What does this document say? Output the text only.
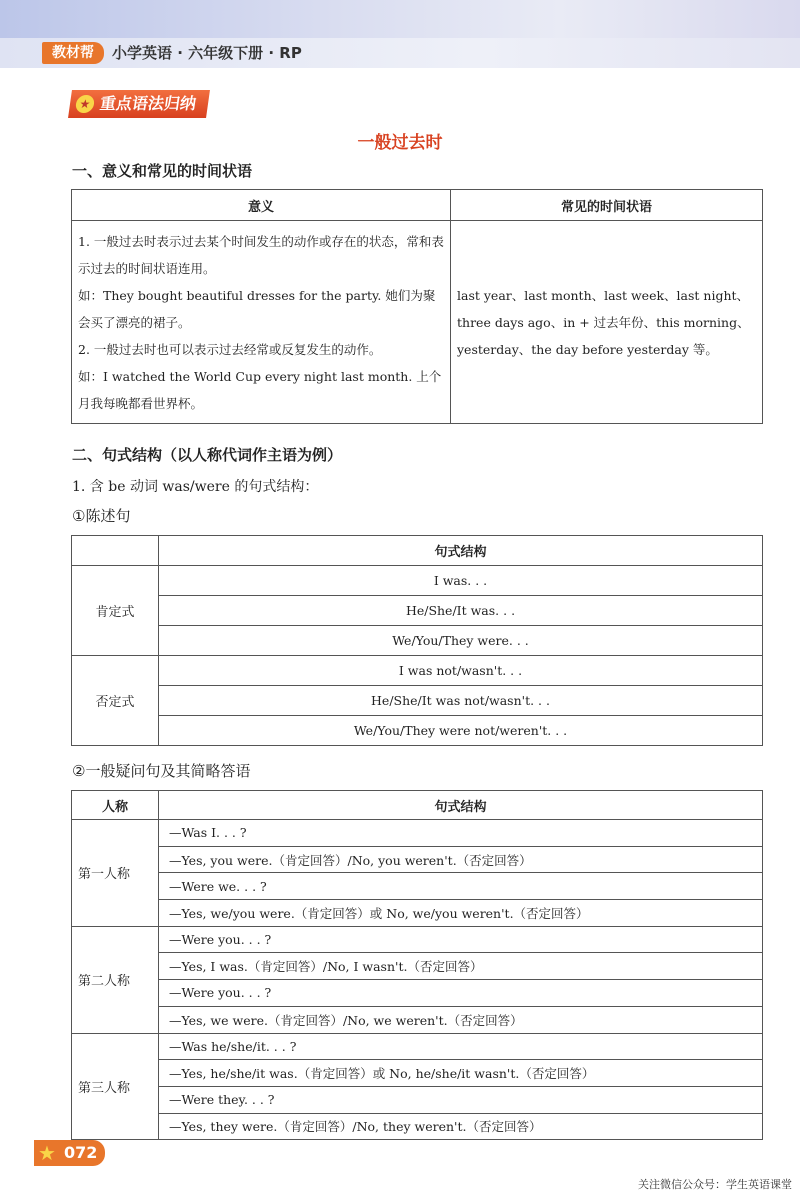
教材帮	小学英语 · 六年级下册 · RP
★ 重点语法归纳
一般过去时
一、意义和常见的时间状语
意义	常见的时间状语

1. 一般过去时表示过去某个时间发生的动作或存在的状态，常和表示过去的时间状语连用。
如：They bought beautiful dresses for the party. 她们为聚会买了漂亮的裙子。
2. 一般过去时也可以表示过去经常或反复发生的动作。
如：I watched the World Cup every night last month. 上个月我每晚都看世界杯。	last year、last month、last week、last night、three days ago、in + 过去年份、this morning、yesterday、the day before yesterday 等。
二、句式结构（以人称代词作主语为例）
1. 含 be 动词 was/were 的句式结构：
①陈述句
	句式结构
肯定式	I was. . .
	He/She/It was. . .
	We/You/They were. . .
否定式	I was not/wasn't. . .
	He/She/It was not/wasn't. . .
	We/You/They were not/weren't. . .
②一般疑问句及其简略答语
人称	句式结构
第一人称	—Was I. . . ?
	—Yes, you were.（肯定回答）/No, you weren't.（否定回答）
	—Were we. . . ?
	—Yes, we/you were.（肯定回答）或 No, we/you weren't.（否定回答）
第二人称	—Were you. . . ?
	—Yes, I was.（肯定回答）/No, I wasn't.（否定回答）
	—Were you. . . ?
	—Yes, we were.（肯定回答）/No, we weren't.（否定回答）
第三人称	—Was he/she/it. . . ?
	—Yes, he/she/it was.（肯定回答）或 No, he/she/it wasn't.（否定回答）
	—Were they. . . ?
	—Yes, they were.（肯定回答）/No, they weren't.（否定回答）
★ 072
关注微信公众号：学生英语课堂
